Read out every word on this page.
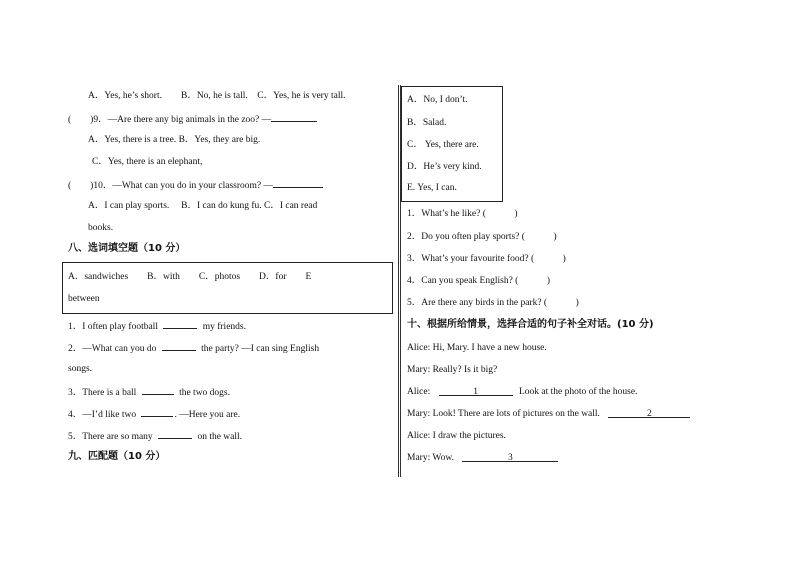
A．Yes, he’s short.　　B．No, he is tall.　C．Yes, he is very tall.
(　　)9．—Are there any big animals in the zoo? —
A．Yes, there is a tree. B．Yes, they are big.
C．Yes, there is an elephant,
(　　)10．—What can you do in your classroom? —
A．I can play sports.　 B．I can do kung fu. C．I can read
books.
八、选词填空题（10 分）
A．sandwiches　　B．with　　C．photos　　D．for　　E
between
1．I often play football	my friends.
2．—What can you do	the party? —I can sing English
songs.
3．There is a ball	the two dogs.
4．—I’d like two	. —Here you are.
5．There are so many	on the wall.
九、匹配题（10 分）
A．No, I don’t.
B．Salad.
C． Yes, there are.
D．He’s very kind.
E. Yes, I can.
1．What’s he like? (　　　)
2．Do you often play sports? (　　　)
3．What’s your favourite food? (　　　)
4．Can you speak English? (　　　)
5．Are there any birds in the park? (　　　)
十、根据所给情景，选择合适的句子补全对话。(10 分)
Alice: Hi, Mary. I have a new house.
Mary: Really? Is it big?
Alice:	1	Look at the photo of the house.
Mary: Look! There are lots of pictures on the wall.	2
Alice: I draw the pictures.
Mary: Wow.	3
